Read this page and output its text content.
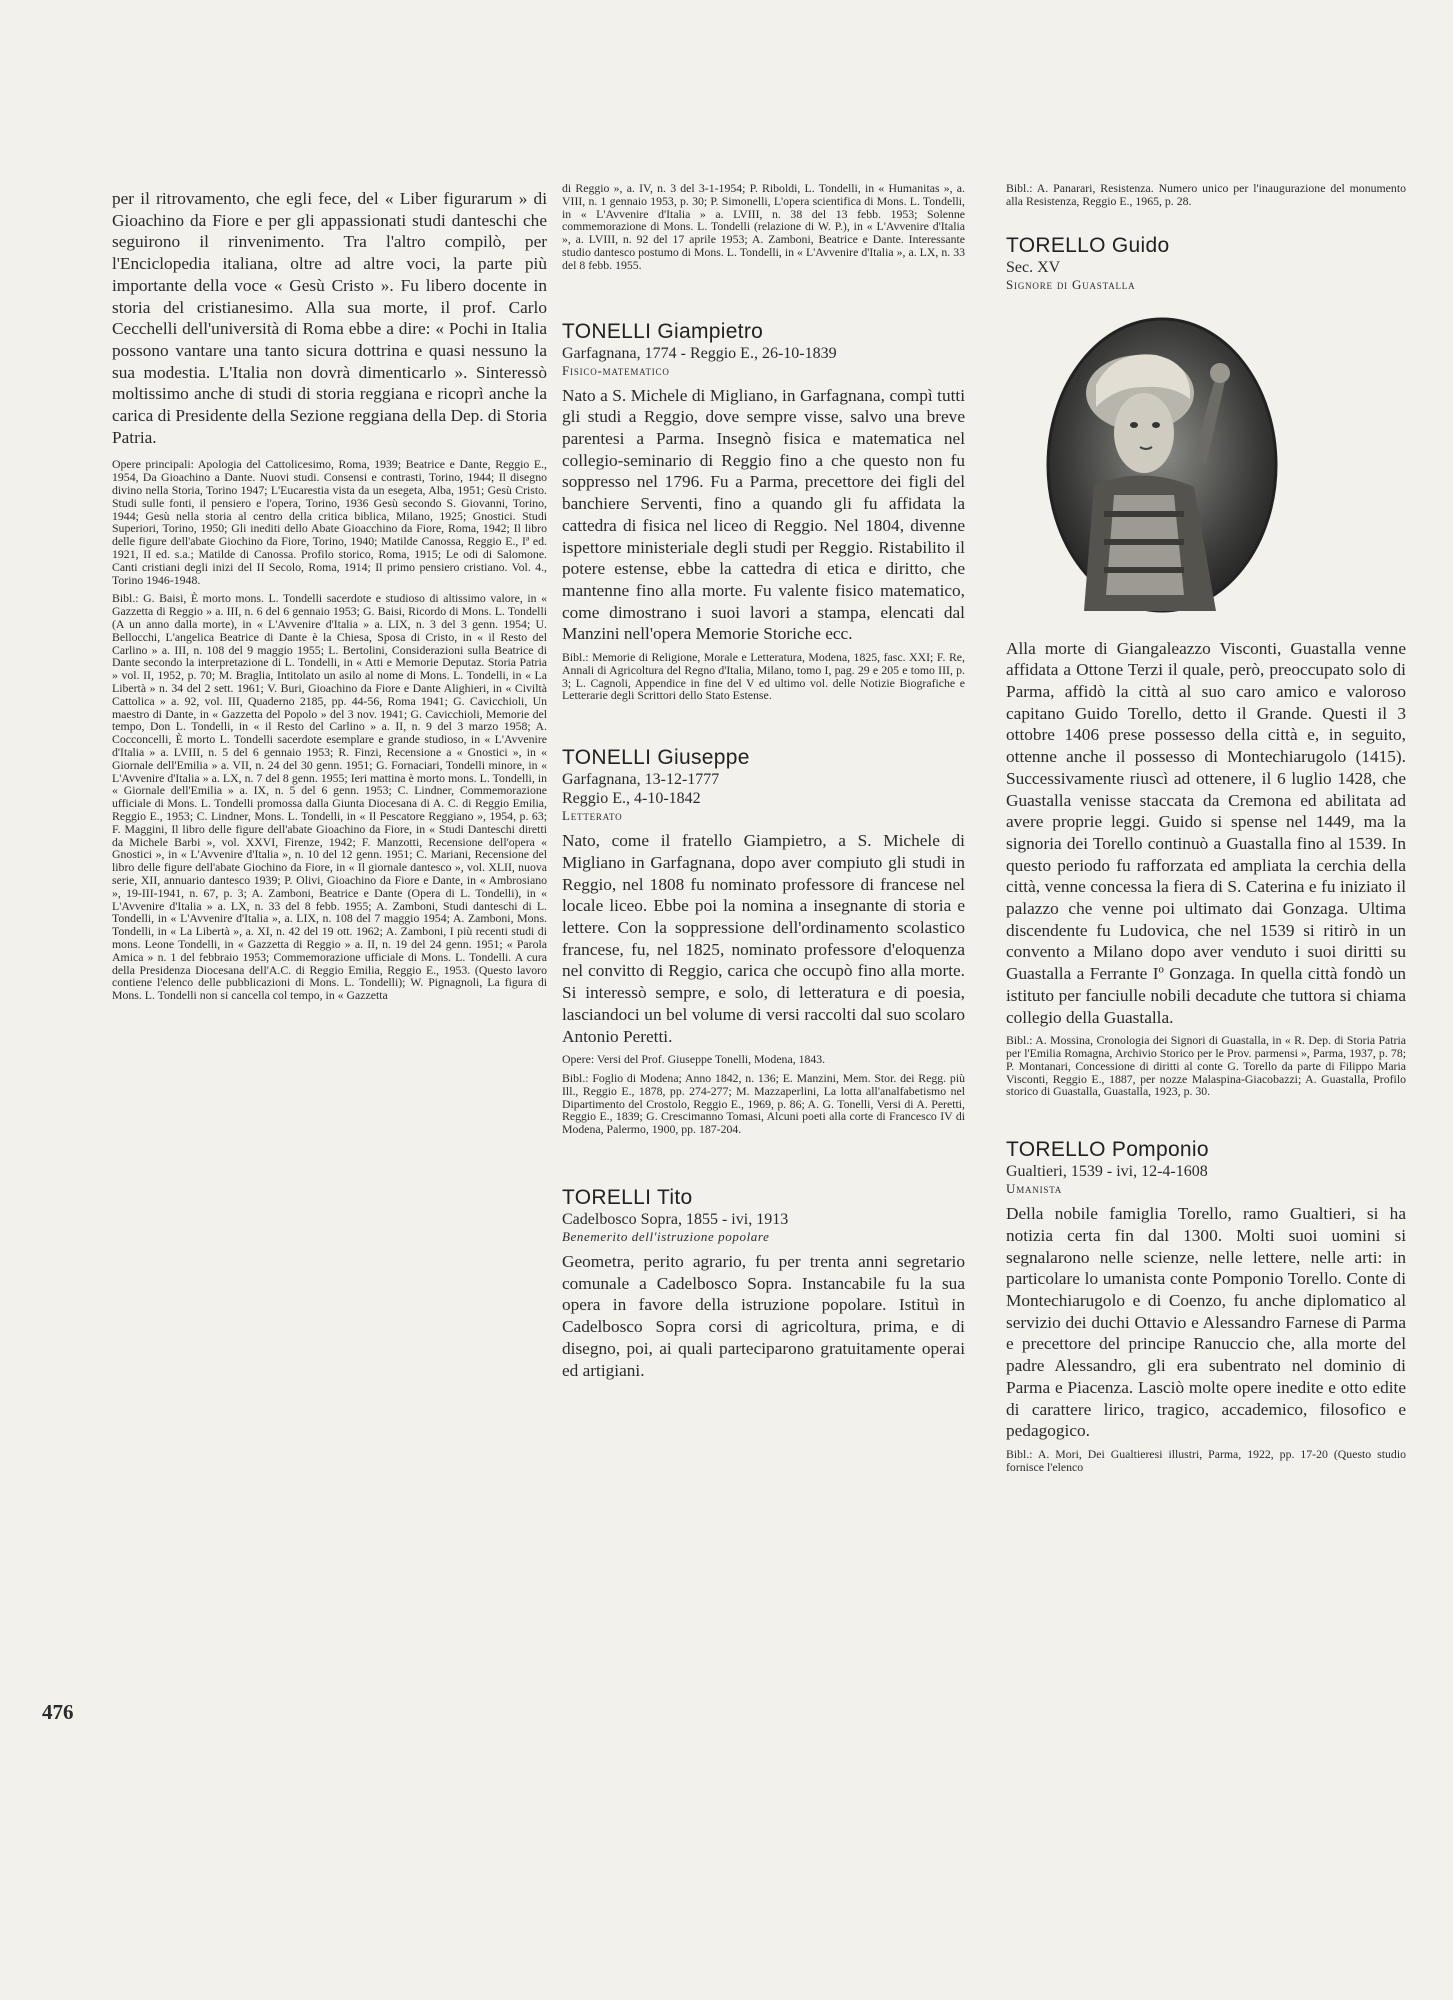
476

per il ritrovamento, che egli fece, del « Liber figurarum » di Gioachino da Fiore e per gli appassionati studi danteschi che seguirono il rinvenimento. Tra l'altro compilò, per l'Enciclopedia italiana, oltre ad altre voci, la parte più importante della voce « Gesù Cristo ». Fu libero docente in storia del cristianesimo. Alla sua morte, il prof. Carlo Cecchelli dell'università di Roma ebbe a dire: « Pochi in Italia possono vantare una tanto sicura dottrina e quasi nessuno la sua modestia. L'Italia non dovrà dimenticarlo ». Sinteressò moltissimo anche di studi di storia reggiana e ricoprì anche la carica di Presidente della Sezione reggiana della Dep. di Storia Patria.

Opere principali: Apologia del Cattolicesimo, Roma, 1939; Beatrice e Dante, Reggio E., 1954, Da Gioachino a Dante. Nuovi studi. Consensi e contrasti, Torino, 1944; Il disegno divino nella Storia, Torino 1947; L'Eucarestia vista da un esegeta, Alba, 1951; Gesù Cristo. Studi sulle fonti, il pensiero e l'opera, Torino, 1936 Gesù secondo S. Giovanni, Torino, 1944; Gesù nella storia al centro della critica biblica, Milano, 1925; Gnostici. Studi Superiori, Torino, 1950; Gli inediti dello Abate Gioacchino da Fiore, Roma, 1942; Il libro delle figure dell'abate Giochino da Fiore, Torino, 1940; Matilde Canossa, Reggio E., Iª ed. 1921, II ed. s.a.; Matilde di Canossa. Profilo storico, Roma, 1915; Le odi di Salomone. Canti cristiani degli inizi del II Secolo, Roma, 1914; Il primo pensiero cristiano. Vol. 4., Torino 1946-1948.

Bibl.: G. Baisi, È morto mons. L. Tondelli sacerdote e studioso di altissimo valore, in « Gazzetta di Reggio » a. III, n. 6 del 6 gennaio 1953; G. Baisi, Ricordo di Mons. L. Tondelli (A un anno dalla morte), in « L'Avvenire d'Italia » a. LIX, n. 3 del 3 genn. 1954; U. Bellocchi, L'angelica Beatrice di Dante è la Chiesa, Sposa di Cristo, in « il Resto del Carlino » a. III, n. 108 del 9 maggio 1955; L. Bertolini, Considerazioni sulla Beatrice di Dante secondo la interpretazione di L. Tondelli, in « Atti e Memorie Deputaz. Storia Patria » vol. II, 1952, p. 70; M. Braglia, Intitolato un asilo al nome di Mons. L. Tondelli, in « La Libertà » n. 34 del 2 sett. 1961; V. Buri, Gioachino da Fiore e Dante Alighieri, in « Civiltà Cattolica » a. 92, vol. III, Quaderno 2185, pp. 44-56, Roma 1941; G. Cavicchioli, Un maestro di Dante, in « Gazzetta del Popolo » del 3 nov. 1941; G. Cavicchioli, Memorie del tempo, Don L. Tondelli, in « il Resto del Carlino » a. II, n. 9 del 3 marzo 1958; A. Cocconcelli, È morto L. Tondelli sacerdote esemplare e grande studioso, in « L'Avvenire d'Italia » a. LVIII, n. 5 del 6 gennaio 1953; R. Finzi, Recensione a « Gnostici », in « Giornale dell'Emilia » a. VII, n. 24 del 30 genn. 1951; G. Fornaciari, Tondelli minore, in « L'Avvenire d'Italia » a. LX, n. 7 del 8 genn. 1955; Ieri mattina è morto mons. L. Tondelli, in « Giornale dell'Emilia » a. IX, n. 5 del 6 genn. 1953; C. Lindner, Commemorazione ufficiale di Mons. L. Tondelli promossa dalla Giunta Diocesana di A. C. di Reggio Emilia, Reggio E., 1953; C. Lindner, Mons. L. Tondelli, in « Il Pescatore Reggiano », 1954, p. 63; F. Maggini, Il libro delle figure dell'abate Gioachino da Fiore, in « Studi Danteschi diretti da Michele Barbi », vol. XXVI, Firenze, 1942; F. Manzotti, Recensione dell'opera « Gnostici », in « L'Avvenire d'Italia », n. 10 del 12 genn. 1951; C. Mariani, Recensione del libro delle figure dell'abate Giochino da Fiore, in « Il giornale dantesco », vol. XLII, nuova serie, XII, annuario dantesco 1939; P. Olivi, Gioachino da Fiore e Dante, in « Ambrosiano », 19-III-1941, n. 67, p. 3; A. Zamboni, Beatrice e Dante (Opera di L. Tondelli), in « L'Avvenire d'Italia » a. LX, n. 33 del 8 febb. 1955; A. Zamboni, Studi danteschi di L. Tondelli, in « L'Avvenire d'Italia », a. LIX, n. 108 del 7 maggio 1954; A. Zamboni, Mons. Tondelli, in « La Libertà », a. XI, n. 42 del 19 ott. 1962; A. Zamboni, I più recenti studi di mons. Leone Tondelli, in « Gazzetta di Reggio » a. II, n. 19 del 24 genn. 1951; « Parola Amica » n. 1 del febbraio 1953; Commemorazione ufficiale di Mons. L. Tondelli. A cura della Presidenza Diocesana dell'A.C. di Reggio Emilia, Reggio E., 1953. (Questo lavoro contiene l'elenco delle pubblicazioni di Mons. L. Tondelli); W. Pignagnoli, La figura di Mons. L. Tondelli non si cancella col tempo, in « Gazzetta

di Reggio », a. IV, n. 3 del 3-1-1954; P. Riboldi, L. Tondelli, in « Humanitas », a. VIII, n. 1 gennaio 1953, p. 30; P. Simonelli, L'opera scientifica di Mons. L. Tondelli, in « L'Avvenire d'Italia » a. LVIII, n. 38 del 13 febb. 1953; Solenne commemorazione di Mons. L. Tondelli (relazione di W. P.), in « L'Avvenire d'Italia », a. LVIII, n. 92 del 17 aprile 1953; A. Zamboni, Beatrice e Dante. Interessante studio dantesco postumo di Mons. L. Tondelli, in « L'Avvenire d'Italia », a. LX, n. 33 del 8 febb. 1955.

TONELLI Giampietro
Garfagnana, 1774 - Reggio E., 26-10-1839
Fisico-matematico

Nato a S. Michele di Migliano, in Garfagnana, compì tutti gli studi a Reggio, dove sempre visse, salvo una breve parentesi a Parma. Insegnò fisica e matematica nel collegio-seminario di Reggio fino a che questo non fu soppresso nel 1796. Fu a Parma, precettore dei figli del banchiere Serventi, fino a quando gli fu affidata la cattedra di fisica nel liceo di Reggio. Nel 1804, divenne ispettore ministeriale degli studi per Reggio. Ristabilito il potere estense, ebbe la cattedra di etica e diritto, che mantenne fino alla morte. Fu valente fisico matematico, come dimostrano i suoi lavori a stampa, elencati dal Manzini nell'opera Memorie Storiche ecc.

Bibl.: Memorie di Religione, Morale e Letteratura, Modena, 1825, fasc. XXI; F. Re, Annali di Agricoltura del Regno d'Italia, Milano, tomo I, pag. 29 e 205 e tomo III, p. 3; L. Cagnoli, Appendice in fine del V ed ultimo vol. delle Notizie Biografiche e Letterarie degli Scrittori dello Stato Estense.

TONELLI Giuseppe
Garfagnana, 13-12-1777
Reggio E., 4-10-1842
Letterato

Nato, come il fratello Giampietro, a S. Michele di Migliano in Garfagnana, dopo aver compiuto gli studi in Reggio, nel 1808 fu nominato professore di francese nel locale liceo. Ebbe poi la nomina a insegnante di storia e lettere. Con la soppressione dell'ordinamento scolastico francese, fu, nel 1825, nominato professore d'eloquenza nel convitto di Reggio, carica che occupò fino alla morte. Si interessò sempre, e solo, di letteratura e di poesia, lasciandoci un bel volume di versi raccolti dal suo scolaro Antonio Peretti.

Opere: Versi del Prof. Giuseppe Tonelli, Modena, 1843.

Bibl.: Foglio di Modena; Anno 1842, n. 136; E. Manzini, Mem. Stor. dei Regg. più Ill., Reggio E., 1878, pp. 274-277; M. Mazzaperlini, La lotta all'analfabetismo nel Dipartimento del Crostolo, Reggio E., 1969, p. 86; A. G. Tonelli, Versi di A. Peretti, Reggio E., 1839; G. Crescimanno Tomasi, Alcuni poeti alla corte di Francesco IV di Modena, Palermo, 1900, pp. 187-204.

TORELLI Tito
Cadelbosco Sopra, 1855 - ivi, 1913
Benemerito dell'istruzione popolare

Geometra, perito agrario, fu per trenta anni segretario comunale a Cadelbosco Sopra. Instancabile fu la sua opera in favore della istruzione popolare. Istituì in Cadelbosco Sopra corsi di agricoltura, prima, e di disegno, poi, ai quali parteciparono gratuitamente operai ed artigiani.

Bibl.: A. Panarari, Resistenza. Numero unico per l'inaugurazione del monumento alla Resistenza, Reggio E., 1965, p. 28.

TORELLO Guido
Sec. XV
Signore di Guastalla

Alla morte di Giangaleazzo Visconti, Guastalla venne affidata a Ottone Terzi il quale, però, preoccupato solo di Parma, affidò la città al suo caro amico e valoroso capitano Guido Torello, detto il Grande. Questi il 3 ottobre 1406 prese possesso della città e, in seguito, ottenne anche il possesso di Montechiarugolo (1415). Successivamente riuscì ad ottenere, il 6 luglio 1428, che Guastalla venisse staccata da Cremona ed abilitata ad avere proprie leggi. Guido si spense nel 1449, ma la signoria dei Torello continuò a Guastalla fino al 1539. In questo periodo fu rafforzata ed ampliata la cerchia della città, venne concessa la fiera di S. Caterina e fu iniziato il palazzo che venne poi ultimato dai Gonzaga. Ultima discendente fu Ludovica, che nel 1539 si ritirò in un convento a Milano dopo aver venduto i suoi diritti su Guastalla a Ferrante Iº Gonzaga. In quella città fondò un istituto per fanciulle nobili decadute che tuttora si chiama collegio della Guastalla.

Bibl.: A. Mossina, Cronologia dei Signori di Guastalla, in « R. Dep. di Storia Patria per l'Emilia Romagna, Archivio Storico per le Prov. parmensi », Parma, 1937, p. 78; P. Montanari, Concessione di diritti al conte G. Torello da parte di Filippo Maria Visconti, Reggio E., 1887, per nozze Malaspina-Giacobazzi; A. Guastalla, Profilo storico di Guastalla, Guastalla, 1923, p. 30.

TORELLO Pomponio
Gualtieri, 1539 - ivi, 12-4-1608
Umanista

Della nobile famiglia Torello, ramo Gualtieri, si ha notizia certa fin dal 1300. Molti suoi uomini si segnalarono nelle scienze, nelle lettere, nelle arti: in particolare lo umanista conte Pomponio Torello. Conte di Montechiarugolo e di Coenzo, fu anche diplomatico al servizio dei duchi Ottavio e Alessandro Farnese di Parma e precettore del principe Ranuccio che, alla morte del padre Alessandro, gli era subentrato nel dominio di Parma e Piacenza. Lasciò molte opere inedite e otto edite di carattere lirico, tragico, accademico, filosofico e pedagogico.

Bibl.: A. Mori, Dei Gualtieresi illustri, Parma, 1922, pp. 17-20 (Questo studio fornisce l'elenco
